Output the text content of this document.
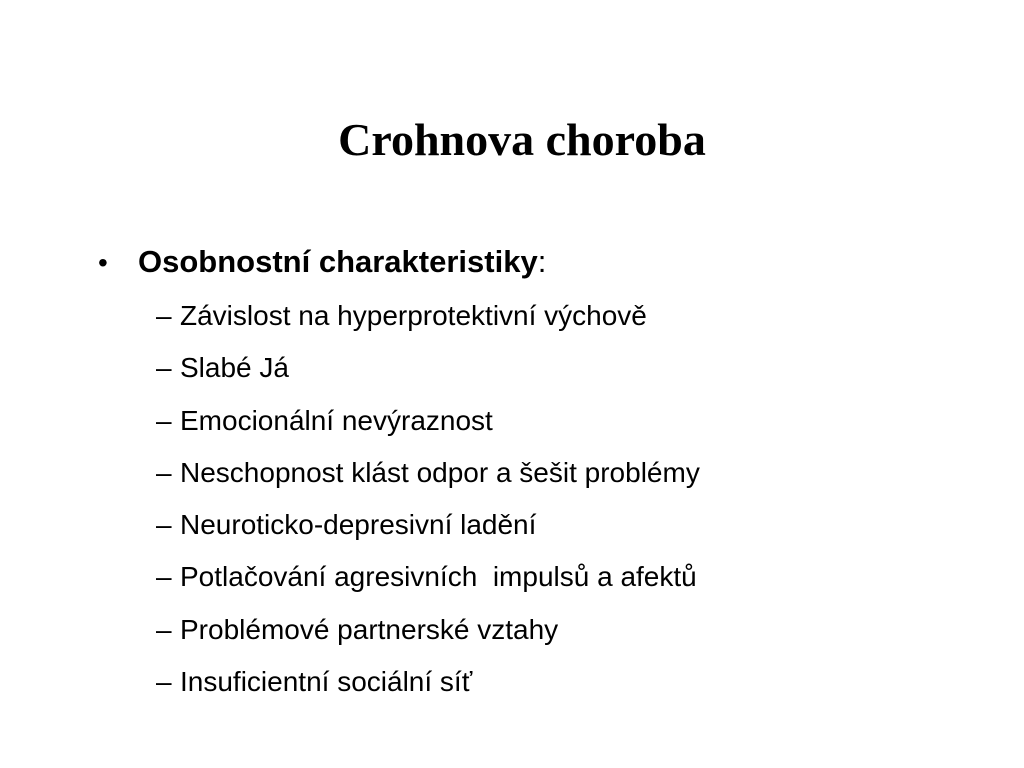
Crohnova choroba
• Osobnostní charakteristiky :
– Závislost na hyperprotektivní výchově
– Slabé Já
– Emocionální nevýraznost
– Neschopnost klást odpor a šešit problémy
– Neuroticko-depresivní ladění
– Potlačování agresivních  impulsů a afektů
– Problémové partnerské vztahy
– Insuficientní sociální síť
